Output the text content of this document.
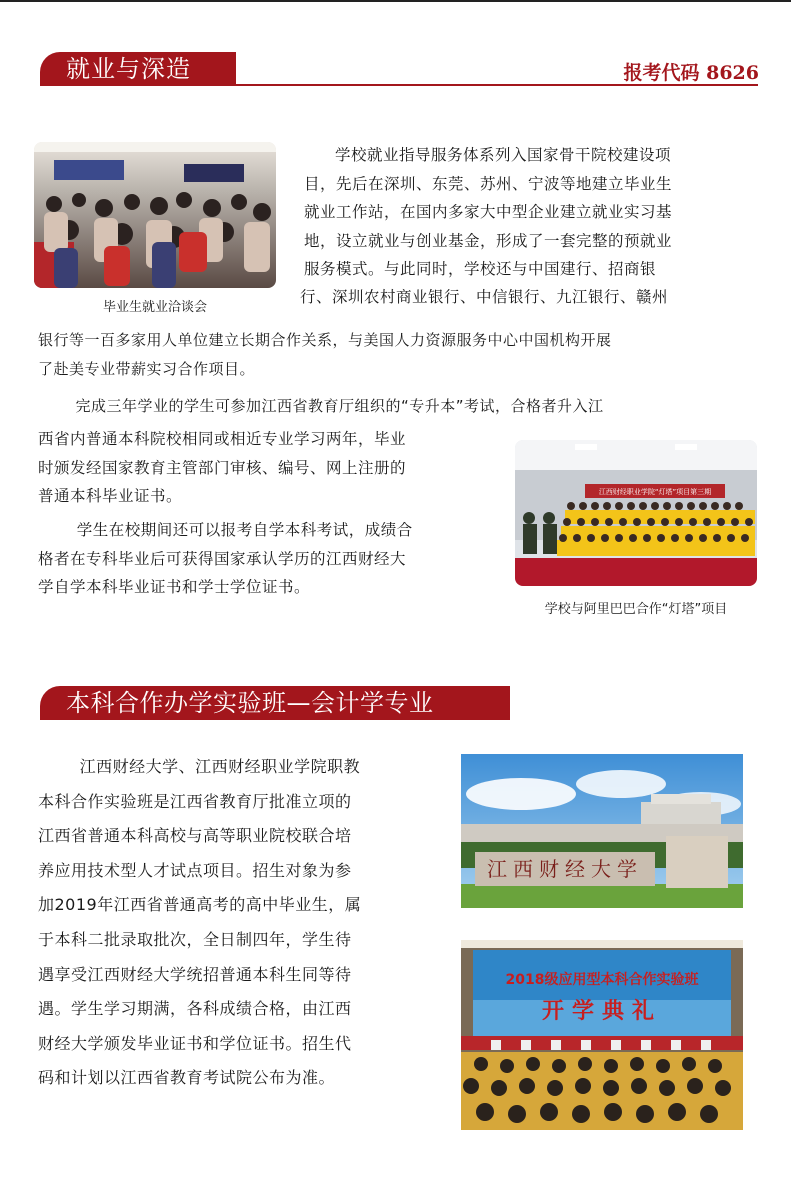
就业与深造	报考代码 8626
毕业生就业洽谈会
学校就业指导服务体系列入国家骨干院校建设项
目，先后在深圳、东莞、苏州、宁波等地建立毕业生
就业工作站，在国内多家大中型企业建立就业实习基
地，设立就业与创业基金，形成了一套完整的预就业
服务模式。与此同时，学校还与中国建行、招商银
行、深圳农村商业银行、中信银行、九江银行、赣州
银行等一百多家用人单位建立长期合作关系，与美国人力资源服务中心中国机构开展
了赴美专业带薪实习合作项目。
完成三年学业的学生可参加江西省教育厅组织的“专升本”考试，合格者升入江
西省内普通本科院校相同或相近专业学习两年，毕业
时颁发经国家教育主管部门审核、编号、网上注册的
普通本科毕业证书。
学生在校期间还可以报考自学本科考试，成绩合
格者在专科毕业后可获得国家承认学历的江西财经大
学自学本科毕业证书和学士学位证书。
江西财经职业学院“灯塔”项目第三期
学校与阿里巴巴合作“灯塔”项目
本科合作办学实验班—会计学专业
江西财经大学、江西财经职业学院职教
本科合作实验班是江西省教育厅批准立项的
江西省普通本科高校与高等职业院校联合培
养应用技术型人才试点项目。招生对象为参
加2019年江西省普通高考的高中毕业生，属
于本科二批录取批次，全日制四年，学生待
遇享受江西财经大学统招普通本科生同等待
遇。学生学习期满，各科成绩合格，由江西
财经大学颁发毕业证书和学位证书。招生代
码和计划以江西省教育考试院公布为准。
江西财经大学
2018级应用型本科合作实验班
开学典礼
